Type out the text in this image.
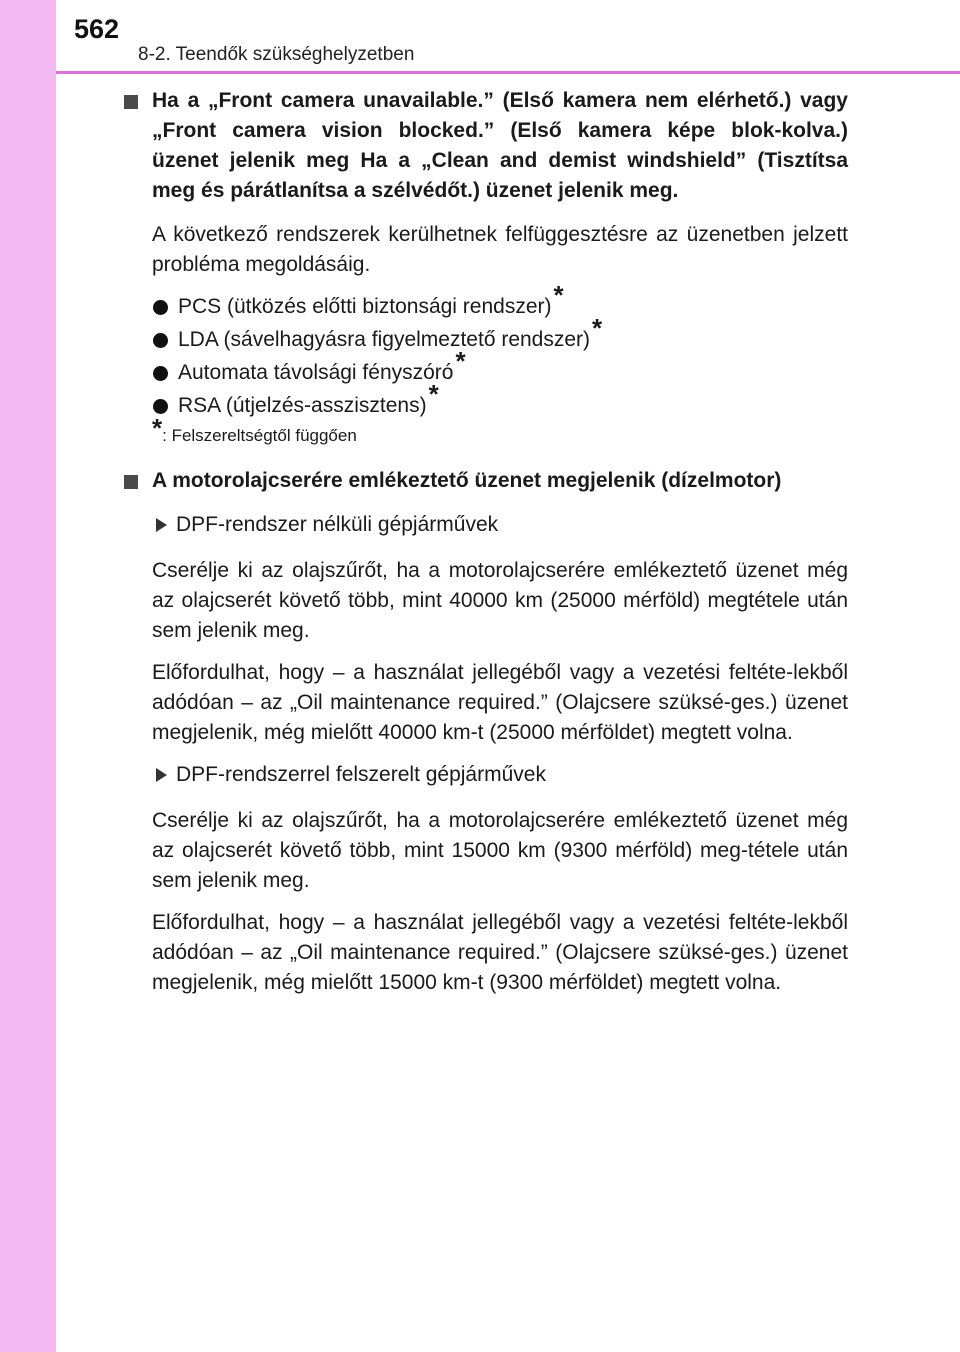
562
8-2. Teendők szükséghelyzetben
Ha a „Front camera unavailable.” (Első kamera nem elérhető.) vagy „Front camera vision blocked.” (Első kamera képe blok-kolva.) üzenet jelenik meg Ha a „Clean and demist windshield” (Tisztítsa meg és párátlanítsa a szélvédőt.) üzenet jelenik meg.

A következő rendszerek kerülhetnek felfüggesztésre az üzenetben jelzett probléma megoldásáig.

PCS (ütközés előtti biztonsági rendszer)*
LDA (sávelhagyásra figyelmeztető rendszer)*
Automata távolsági fényszóró*
RSA (útjelzés-asszisztens)*
*: Felszereltségtől függően
A motorolajcserére emlékeztető üzenet megjelenik (dízelmotor)
DPF-rendszer nélküli gépjárművek

Cserélje ki az olajszűrőt, ha a motorolajcserére emlékeztető üzenet még az olajcserét követő több, mint 40000 km (25000 mérföld) megtétele után sem jelenik meg.

Előfordulhat, hogy – a használat jellegéből vagy a vezetési feltéte-lekből adódóan – az „Oil maintenance required.” (Olajcsere szüksé-ges.) üzenet megjelenik, még mielőtt 40000 km-t (25000 mérföldet) megtett volna.

DPF-rendszerrel felszerelt gépjárművek

Cserélje ki az olajszűrőt, ha a motorolajcserére emlékeztető üzenet még az olajcserét követő több, mint 15000 km (9300 mérföld) meg-tétele után sem jelenik meg.

Előfordulhat, hogy – a használat jellegéből vagy a vezetési feltéte-lekből adódóan – az „Oil maintenance required.” (Olajcsere szüksé-ges.) üzenet megjelenik, még mielőtt 15000 km-t (9300 mérföldet) megtett volna.
